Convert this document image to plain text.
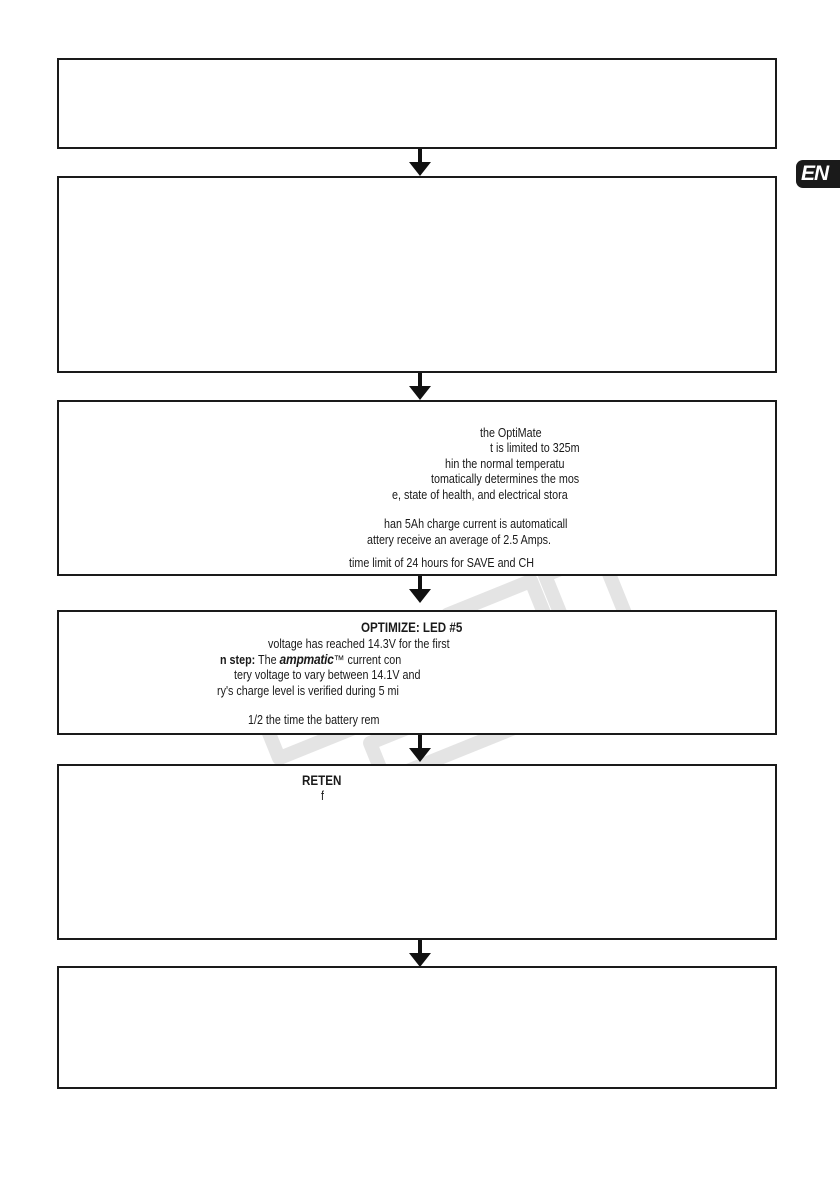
EN
the OptiMate
t is limited to 325m
hin the normal temperatu
tomatically determines the mos
e, state of health, and electrical stora
han 5Ah charge current is automaticall
attery receive an average of 2.5 Amps.
time limit of 24 hours for SAVE and CH
OPTIMIZE: LED #5
voltage has reached 14.3V for the first
n step: The ampmatic™ current con
tery voltage to vary between 14.1V and
ry's charge level is verified during 5 mi
1/2 the time the battery rem
RETEN
f
